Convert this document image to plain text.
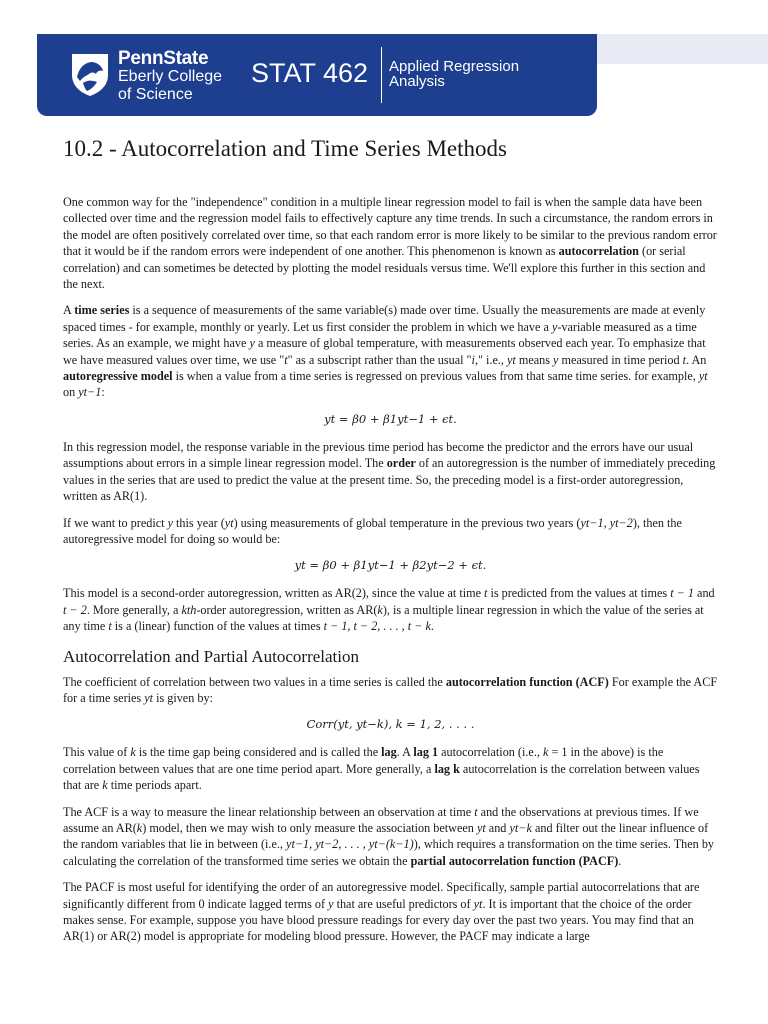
PennState
Eberly College
of Science
STAT 462 Applied Regression
Analysis
10.2 - Autocorrelation and Time Series Methods

One common way for the "independence" condition in a multiple linear regression model to fail is when the sample data have been collected over time and the regression model fails to effectively capture any time trends. In such a circumstance, the random errors in the model are often positively correlated over time, so that each random error is more likely to be similar to the previous random error that it would be if the random errors were independent of one another. This phenomenon is known as autocorrelation (or serial correlation) and can sometimes be detected by plotting the model residuals versus time. We'll explore this further in this section and the next.

A time series is a sequence of measurements of the same variable(s) made over time. Usually the measurements are made at evenly spaced times - for example, monthly or yearly. Let us first consider the problem in which we have a y-variable measured as a time series. As an example, we might have y a measure of global temperature, with measurements observed each year. To emphasize that we have measured values over time, we use "t" as a subscript rather than the usual "i," i.e., yt means y measured in time period t. An autoregressive model is when a value from a time series is regressed on previous values from that same time series. for example, yt on yt−1:

yt = β0 + β1yt−1 + ϵt.

In this regression model, the response variable in the previous time period has become the predictor and the errors have our usual assumptions about errors in a simple linear regression model. The order of an autoregression is the number of immediately preceding values in the series that are used to predict the value at the present time. So, the preceding model is a first-order autoregression, written as AR(1).

If we want to predict y this year (yt) using measurements of global temperature in the previous two years (yt−1, yt−2), then the autoregressive model for doing so would be:

yt = β0 + β1yt−1 + β2yt−2 + ϵt.

This model is a second-order autoregression, written as AR(2), since the value at time t is predicted from the values at times t − 1 and t − 2. More generally, a kth-order autoregression, written as AR(k), is a multiple linear regression in which the value of the series at any time t is a (linear) function of the values at times t − 1, t − 2, . . . , t − k.

Autocorrelation and Partial Autocorrelation

The coefficient of correlation between two values in a time series is called the autocorrelation function (ACF) For example the ACF for a time series yt is given by:

Corr(yt, yt−k), k = 1, 2, . . . .

This value of k is the time gap being considered and is called the lag. A lag 1 autocorrelation (i.e., k = 1 in the above) is the correlation between values that are one time period apart. More generally, a lag k autocorrelation is the correlation between values that are k time periods apart.

The ACF is a way to measure the linear relationship between an observation at time t and the observations at previous times. If we assume an AR(k) model, then we may wish to only measure the association between yt and yt−k and filter out the linear influence of the random variables that lie in between (i.e., yt−1, yt−2, . . . , yt−(k−1)), which requires a transformation on the time series. Then by calculating the correlation of the transformed time series we obtain the partial autocorrelation function (PACF).

The PACF is most useful for identifying the order of an autoregressive model. Specifically, sample partial autocorrelations that are significantly different from 0 indicate lagged terms of y that are useful predictors of yt. It is important that the choice of the order makes sense. For example, suppose you have blood pressure readings for every day over the past two years. You may find that an AR(1) or AR(2) model is appropriate for modeling blood pressure. However, the PACF may indicate a large
